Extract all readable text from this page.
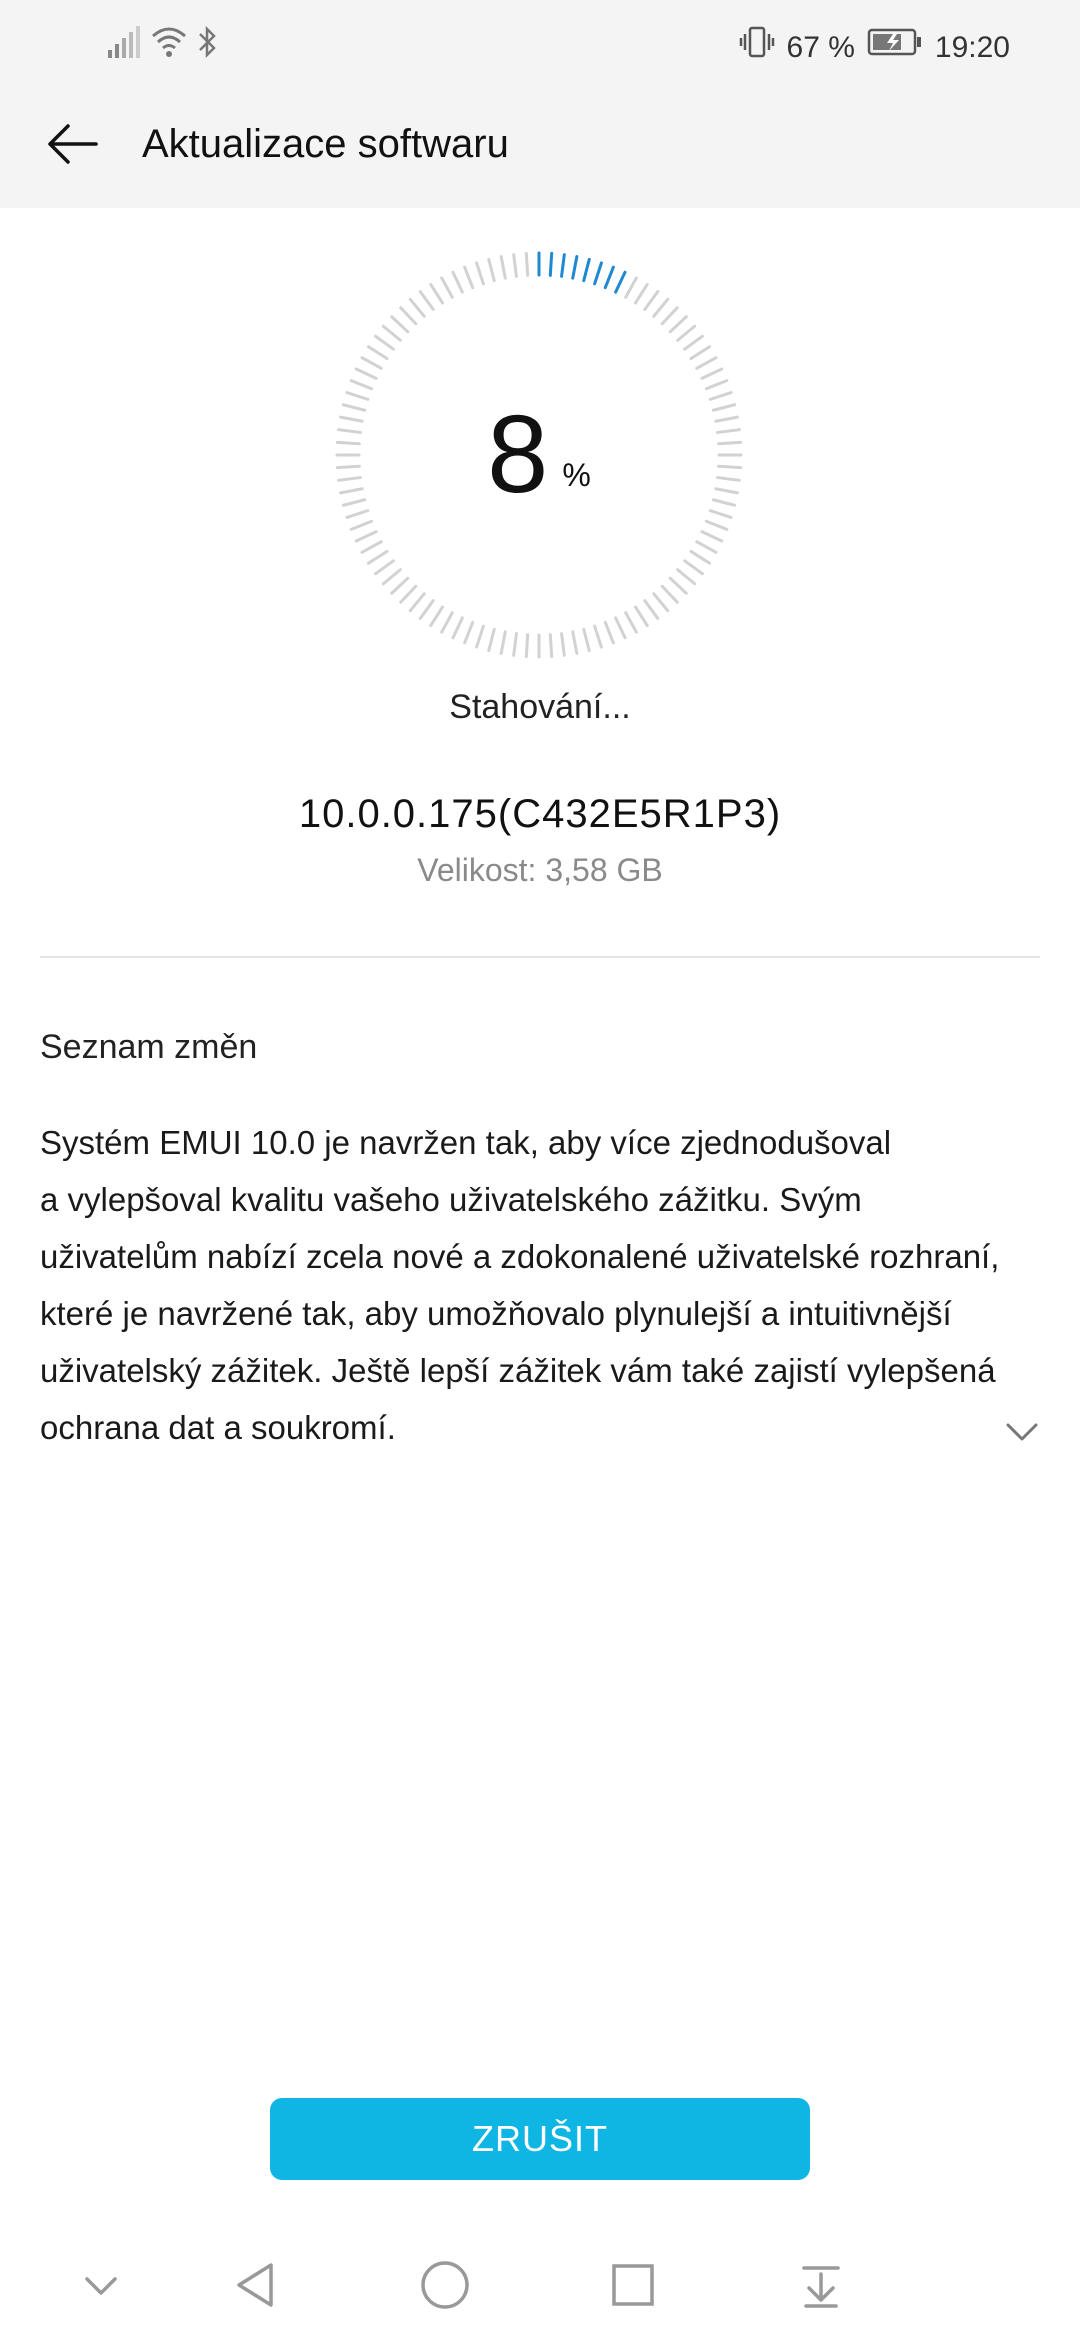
67 %	19:20
Aktualizace softwaru
8 %
Stahování...
10.0.0.175(C432E5R1P3)
Velikost: 3,58 GB
Seznam změn
Systém EMUI 10.0 je navržen tak, aby více zjednodušoval
a vylepšoval kvalitu vašeho uživatelského zážitku. Svým
uživatelům nabízí zcela nové a zdokonalené uživatelské rozhraní,
které je navržené tak, aby umožňovalo plynulejší a intuitivnější
uživatelský zážitek. Ještě lepší zážitek vám také zajistí vylepšená
ochrana dat a soukromí.
ZRUŠIT
